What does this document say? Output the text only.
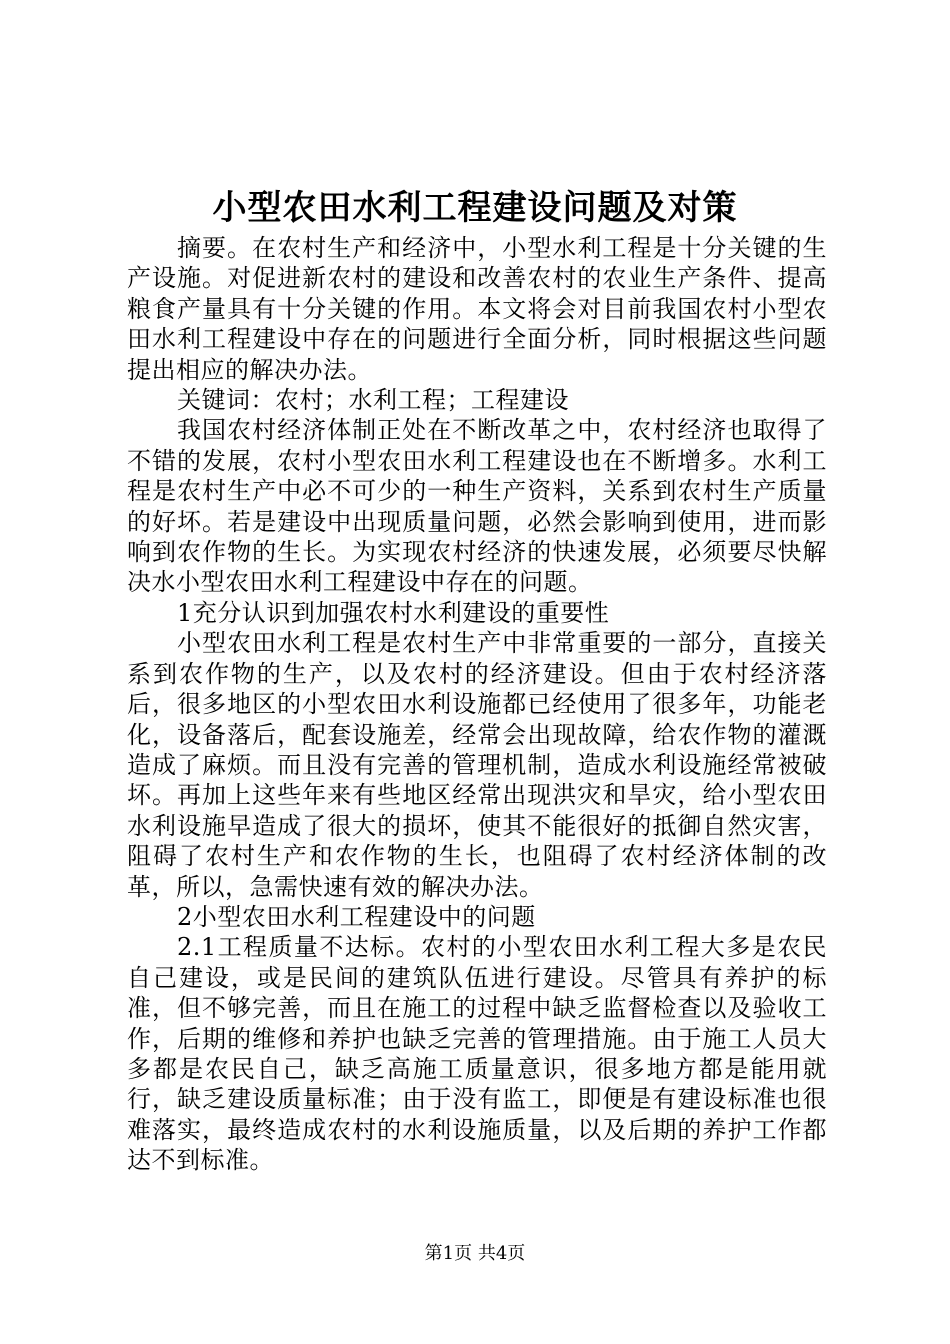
小型农田水利工程建设问题及对策

摘要。在农村生产和经济中，小型水利工程是十分关键的生产设施。对促进新农村的建设和改善农村的农业生产条件、提高粮食产量具有十分关键的作用。本文将会对目前我国农村小型农田水利工程建设中存在的问题进行全面分析，同时根据这些问题提出相应的解决办法。

关键词：农村；水利工程；工程建设

我国农村经济体制正处在不断改革之中，农村经济也取得了不错的发展，农村小型农田水利工程建设也在不断增多。水利工程是农村生产中必不可少的一种生产资料，关系到农村生产质量的好坏。若是建设中出现质量问题，必然会影响到使用，进而影响到农作物的生长。为实现农村经济的快速发展，必须要尽快解决水小型农田水利工程建设中存在的问题。

1充分认识到加强农村水利建设的重要性

小型农田水利工程是农村生产中非常重要的一部分，直接关系到农作物的生产，以及农村的经济建设。但由于农村经济落后，很多地区的小型农田水利设施都已经使用了很多年，功能老化，设备落后，配套设施差，经常会出现故障，给农作物的灌溉造成了麻烦。而且没有完善的管理机制，造成水利设施经常被破坏。再加上这些年来有些地区经常出现洪灾和旱灾，给小型农田水利设施早造成了很大的损坏，使其不能很好的抵御自然灾害，阻碍了农村生产和农作物的生长，也阻碍了农村经济体制的改革，所以，急需快速有效的解决办法。

2小型农田水利工程建设中的问题

2.1工程质量不达标。农村的小型农田水利工程大多是农民自己建设，或是民间的建筑队伍进行建设。尽管具有养护的标准，但不够完善，而且在施工的过程中缺乏监督检查以及验收工作，后期的维修和养护也缺乏完善的管理措施。由于施工人员大多都是农民自己，缺乏高施工质量意识，很多地方都是能用就行，缺乏建设质量标准；由于没有监工，即便是有建设标准也很难落实，最终造成农村的水利设施质量，以及后期的养护工作都达不到标准。

第1页 共4页
